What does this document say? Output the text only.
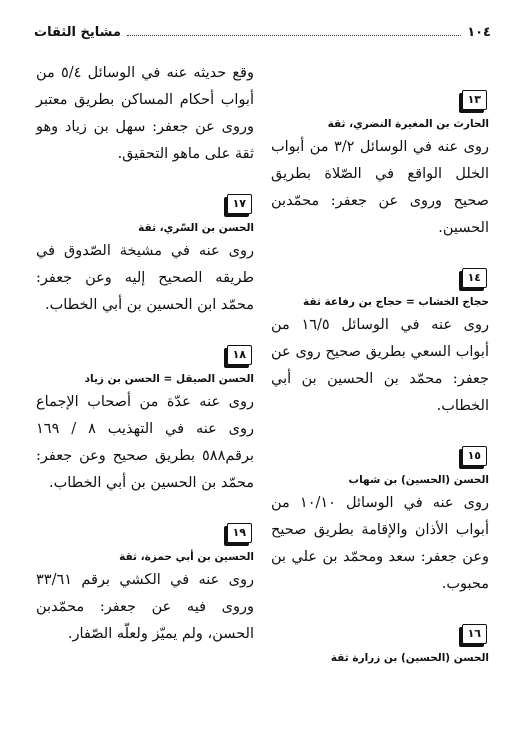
١٠٤
مشايخ الثقات
١٣
الحارث بن المغيرة النضري، ثقة

روى عنه في الوسائل ٣/٢ من أبواب الخلل الواقع في الصّلاة بطريق صحيح وروى عن جعفر: محمّدبن الحسين.

١٤
حجاج الخشاب = حجاج بن رفاعة ثقة

روى عنه في الوسائل ١٦/٥ من أبواب السعي بطريق صحيح روى عن جعفر: محمّد بن الحسين بن أبي الخطاب.

١٥
الحسن (الحسين) بن شهاب

روى عنه في الوسائل ١٠/١٠ من أبواب الأذان والإقامة بطريق صحيح وعن جعفر: سعد ومحمّد بن علي بن محبوب.

١٦
الحسن (الحسين) بن زرارة ثقة

وقع حديثه عنه في الوسائل ٥/٤ من أبواب أحكام المساكن بطريق معتبر وروى عن جعفر: سهل بن زياد وهو ثقة على ماهو التحقيق.

١٧
الحسن بن السّري، ثقة

روى عنه في مشيخة الصّدوق في طريقه الصحيح إليه وعن جعفر: محمّد ابن الحسين بن أبي الخطاب.

١٨
الحسن الصيقل = الحسن بن زياد

روى عنه عدّة من أصحاب الإجماع روى عنه في التهذيب ٨ / ١٦٩ برقم٥٨٨ بطريق صحيح وعن جعفر: محمّد بن الحسين بن أبي الخطاب.

١٩
الحسين بن أبي حمزة، ثقة

روى عنه في الكشي برقم ٣٣/٦١ وروى فيه عن جعفر: محمّدبن الحسن، ولم يميّز ولعلّه الصّفار.
